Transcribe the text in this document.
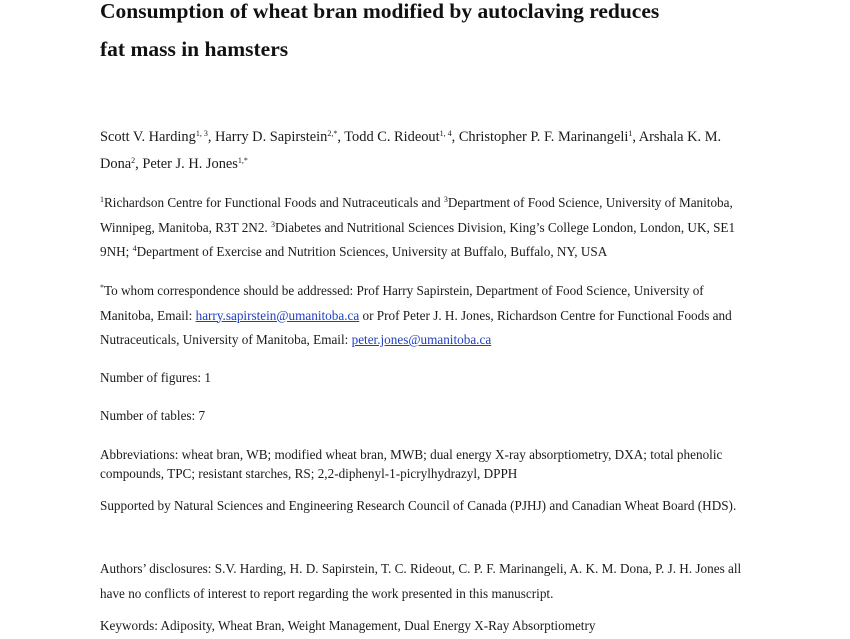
Consumption of wheat bran modified by autoclaving reduces
fat mass in hamsters
Scott V. Harding$^{1, 3}$, Harry D. Sapirstein$^{2,*}$, Todd C. Rideout$^{1, 4}$, Christopher P. F. Marinangeli$^1$, Arshala K. M. Dona$^2$, Peter J. H. Jones$^{1,*}$
$^1$Richardson Centre for Functional Foods and Nutraceuticals and $^3$Department of Food Science, University of Manitoba, Winnipeg, Manitoba, R3T 2N2. $^3$Diabetes and Nutritional Sciences Division, King’s College London, London, UK, SE1 9NH; $^4$Department of Exercise and Nutrition Sciences, University at Buffalo, Buffalo, NY, USA
*To whom correspondence should be addressed: Prof Harry Sapirstein, Department of Food Science, University of Manitoba, Email: harry.sapirstein@umanitoba.ca or Prof Peter J. H. Jones, Richardson Centre for Functional Foods and Nutraceuticals, University of Manitoba, Email: peter.jones@umanitoba.ca
Number of figures: 1
Number of tables: 7
Abbreviations: wheat bran, WB; modified wheat bran, MWB; dual energy X-ray absorptiometry, DXA; total phenolic compounds, TPC; resistant starches, RS; 2,2-diphenyl-1-picrylhydrazyl, DPPH
Supported by Natural Sciences and Engineering Research Council of Canada (PJHJ) and Canadian Wheat Board (HDS).
Authors’ disclosures: S.V. Harding, H. D. Sapirstein, T. C. Rideout, C. P. F. Marinangeli, A. K. M. Dona, P. J. H. Jones all have no conflicts of interest to report regarding the work presented in this manuscript.
Keywords: Adiposity, Wheat Bran, Weight Management, Dual Energy X-Ray Absorptiometry
